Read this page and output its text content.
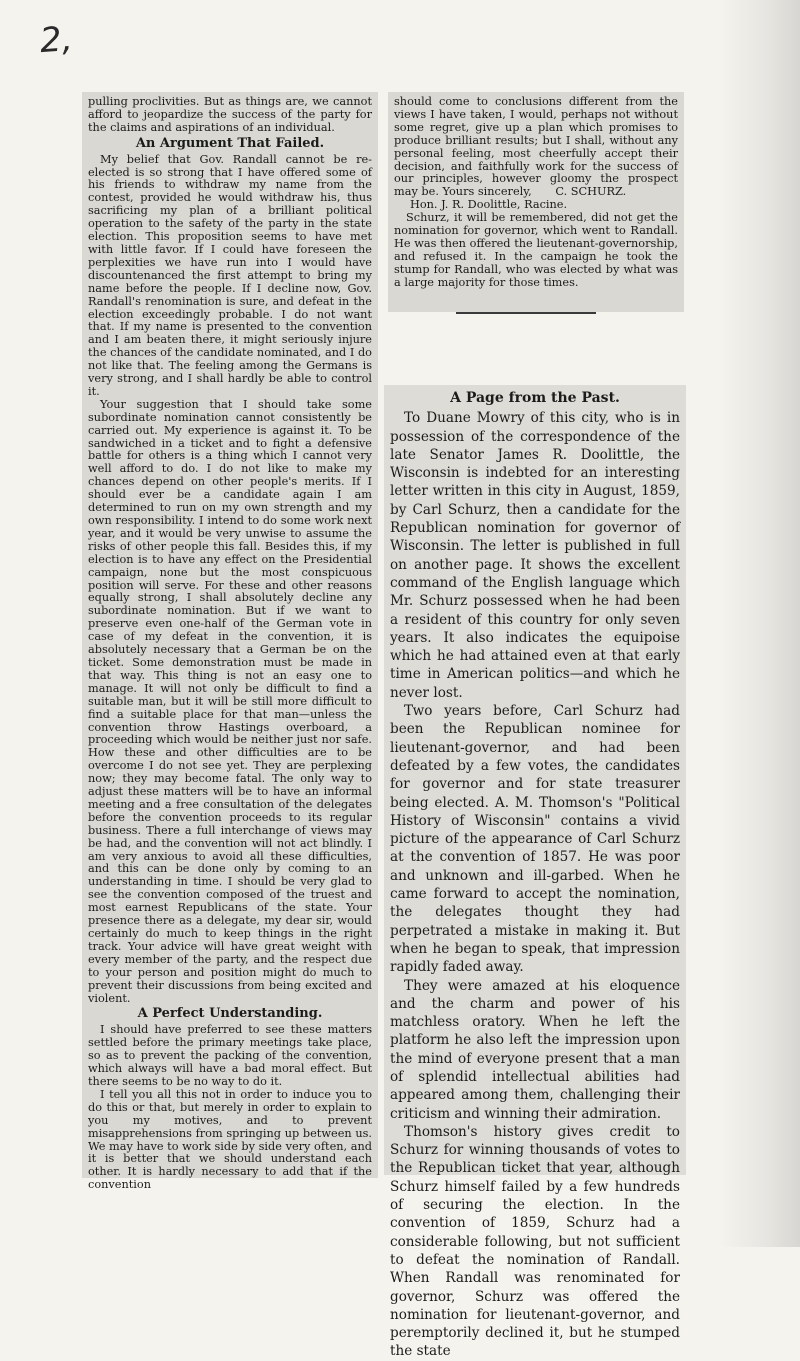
2,

pulling proclivities. But as things are, we cannot afford to jeopardize the success of the party for the claims and aspirations of an individual.

An Argument That Failed.

My belief that Gov. Randall cannot be re-elected is so strong that I have offered some of his friends to withdraw my name from the contest, provided he would withdraw his, thus sacrificing my plan of a brilliant political operation to the safety of the party in the state election. This proposition seems to have met with little favor. If I could have foreseen the perplexities we have run into I would have discountenanced the first attempt to bring my name before the people. If I decline now, Gov. Randall's renomination is sure, and defeat in the election exceedingly probable. I do not want that. If my name is presented to the convention and I am beaten there, it might seriously injure the chances of the candidate nominated, and I do not like that. The feeling among the Germans is very strong, and I shall hardly be able to control it.

Your suggestion that I should take some subordinate nomination cannot consistently be carried out. My experience is against it. To be sandwiched in a ticket and to fight a defensive battle for others is a thing which I cannot very well afford to do. I do not like to make my chances depend on other people's merits. If I should ever be a candidate again I am determined to run on my own strength and my own responsibility. I intend to do some work next year, and it would be very unwise to assume the risks of other people this fall. Besides this, if my election is to have any effect on the Presidential campaign, none but the most conspicuous position will serve. For these and other reasons equally strong, I shall absolutely decline any subordinate nomination. But if we want to preserve even one-half of the German vote in case of my defeat in the convention, it is absolutely necessary that a German be on the ticket. Some demonstration must be made in that way. This thing is not an easy one to manage. It will not only be difficult to find a suitable man, but it will be still more difficult to find a suitable place for that man—unless the convention throw Hastings overboard, a proceeding which would be neither just nor safe. How these and other difficulties are to be overcome I do not see yet. They are perplexing now; they may become fatal. The only way to adjust these matters will be to have an informal meeting and a free consultation of the delegates before the convention proceeds to its regular business. There a full interchange of views may be had, and the convention will not act blindly. I am very anxious to avoid all these difficulties, and this can be done only by coming to an understanding in time. I should be very glad to see the convention composed of the truest and most earnest Republicans of the state. Your presence there as a delegate, my dear sir, would certainly do much to keep things in the right track. Your advice will have great weight with every member of the party, and the respect due to your person and position might do much to prevent their discussions from being excited and violent.

A Perfect Understanding.

I should have preferred to see these matters settled before the primary meetings take place, so as to prevent the packing of the convention, which always will have a bad moral effect. But there seems to be no way to do it.

I tell you all this not in order to induce you to do this or that, but merely in order to explain to you my motives, and to prevent misapprehensions from springing up between us. We may have to work side by side very often, and it is better that we should understand each other. It is hardly necessary to add that if the convention

should come to conclusions different from the views I have taken, I would, perhaps not without some regret, give up a plan which promises to produce brilliant results; but I shall, without any personal feeling, most cheerfully accept their decision, and faithfully work for the success of our principles, however gloomy the prospect may be. Yours sincerely, C. SCHURZ.

Hon. J. R. Doolittle, Racine.

Schurz, it will be remembered, did not get the nomination for governor, which went to Randall. He was then offered the lieutenant-governorship, and refused it. In the campaign he took the stump for Randall, who was elected by what was a large majority for those times.

A Page from the Past.

To Duane Mowry of this city, who is in possession of the correspondence of the late Senator James R. Doolittle, the Wisconsin is indebted for an interesting letter written in this city in August, 1859, by Carl Schurz, then a candidate for the Republican nomination for governor of Wisconsin. The letter is published in full on another page. It shows the excellent command of the English language which Mr. Schurz possessed when he had been a resident of this country for only seven years. It also indicates the equipoise which he had attained even at that early time in American politics—and which he never lost.

Two years before, Carl Schurz had been the Republican nominee for lieutenant-governor, and had been defeated by a few votes, the candidates for governor and for state treasurer being elected. A. M. Thomson's "Political History of Wisconsin" contains a vivid picture of the appearance of Carl Schurz at the convention of 1857. He was poor and unknown and ill-garbed. When he came forward to accept the nomination, the delegates thought they had perpetrated a mistake in making it. But when he began to speak, that impression rapidly faded away.

They were amazed at his eloquence and the charm and power of his matchless oratory. When he left the platform he also left the impression upon the mind of everyone present that a man of splendid intellectual abilities had appeared among them, challenging their criticism and winning their admiration.

Thomson's history gives credit to Schurz for winning thousands of votes to the Republican ticket that year, although Schurz himself failed by a few hundreds of securing the election. In the convention of 1859, Schurz had a considerable following, but not sufficient to defeat the nomination of Randall. When Randall was renominated for governor, Schurz was offered the nomination for lieutenant-governor, and peremptorily declined it, but he stumped the state
